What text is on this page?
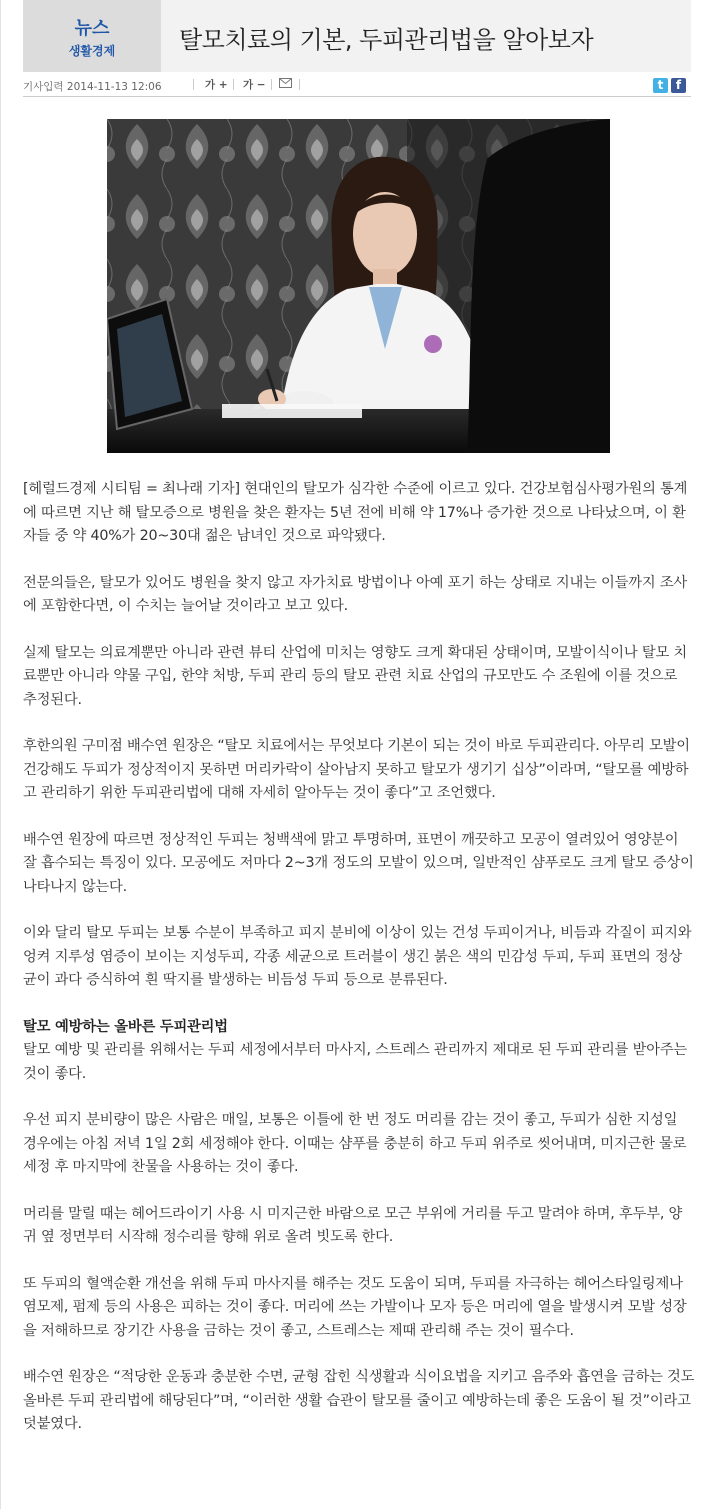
뉴스
생활경제	탈모치료의 기본, 두피관리법을 알아보자
기사입력 2014-11-13 12:06	가 + 가 −	t	f

[헤럴드경제 시티팀 = 최나래 기자] 현대인의 탈모가 심각한 수준에 이르고 있다. 건강보험심사평가원의 통계에 따르면 지난 해 탈모증으로 병원을 찾은 환자는 5년 전에 비해 약 17%나 증가한 것으로 나타났으며, 이 환자들 중 약 40%가 20~30대 젊은 남녀인 것으로 파악됐다.

전문의들은, 탈모가 있어도 병원을 찾지 않고 자가치료 방법이나 아예 포기 하는 상태로 지내는 이들까지 조사에 포함한다면, 이 수치는 늘어날 것이라고 보고 있다.

실제 탈모는 의료계뿐만 아니라 관련 뷰티 산업에 미치는 영향도 크게 확대된 상태이며, 모발이식이나 탈모 치료뿐만 아니라 약물 구입, 한약 처방, 두피 관리 등의 탈모 관련 치료 산업의 규모만도 수 조원에 이를 것으로 추정된다.

후한의원 구미점 배수연 원장은 “탈모 치료에서는 무엇보다 기본이 되는 것이 바로 두피관리다. 아무리 모발이 건강해도 두피가 정상적이지 못하면 머리카락이 살아남지 못하고 탈모가 생기기 십상”이라며, “탈모를 예방하고 관리하기 위한 두피관리법에 대해 자세히 알아두는 것이 좋다”고 조언했다.

배수연 원장에 따르면 정상적인 두피는 청백색에 맑고 투명하며, 표면이 깨끗하고 모공이 열려있어 영양분이 잘 흡수되는 특징이 있다. 모공에도 저마다 2~3개 정도의 모발이 있으며, 일반적인 샴푸로도 크게 탈모 증상이 나타나지 않는다.

이와 달리 탈모 두피는 보통 수분이 부족하고 피지 분비에 이상이 있는 건성 두피이거나, 비듬과 각질이 피지와 엉켜 지루성 염증이 보이는 지성두피, 각종 세균으로 트러블이 생긴 붉은 색의 민감성 두피, 두피 표면의 정상균이 과다 증식하여 흰 딱지를 발생하는 비듬성 두피 등으로 분류된다.

탈모 예방하는 올바른 두피관리법

탈모 예방 및 관리를 위해서는 두피 세정에서부터 마사지, 스트레스 관리까지 제대로 된 두피 관리를 받아주는 것이 좋다.

우선 피지 분비량이 많은 사람은 매일, 보통은 이틀에 한 번 정도 머리를 감는 것이 좋고, 두피가 심한 지성일 경우에는 아침 저녁 1일 2회 세정해야 한다. 이때는 샴푸를 충분히 하고 두피 위주로 씻어내며, 미지근한 물로 세정 후 마지막에 찬물을 사용하는 것이 좋다.

머리를 말릴 때는 헤어드라이기 사용 시 미지근한 바람으로 모근 부위에 거리를 두고 말려야 하며, 후두부, 양 귀 옆 정면부터 시작해 정수리를 향해 위로 올려 빗도록 한다.

또 두피의 혈액순환 개선을 위해 두피 마사지를 해주는 것도 도움이 되며, 두피를 자극하는 헤어스타일링제나 염모제, 펌제 등의 사용은 피하는 것이 좋다. 머리에 쓰는 가발이나 모자 등은 머리에 열을 발생시켜 모발 성장을 저해하므로 장기간 사용을 금하는 것이 좋고, 스트레스는 제때 관리해 주는 것이 필수다.

배수연 원장은 “적당한 운동과 충분한 수면, 균형 잡힌 식생활과 식이요법을 지키고 음주와 흡연을 금하는 것도 올바른 두피 관리법에 해당된다”며, “이러한 생활 습관이 탈모를 줄이고 예방하는데 좋은 도움이 될 것”이라고 덧붙였다.
